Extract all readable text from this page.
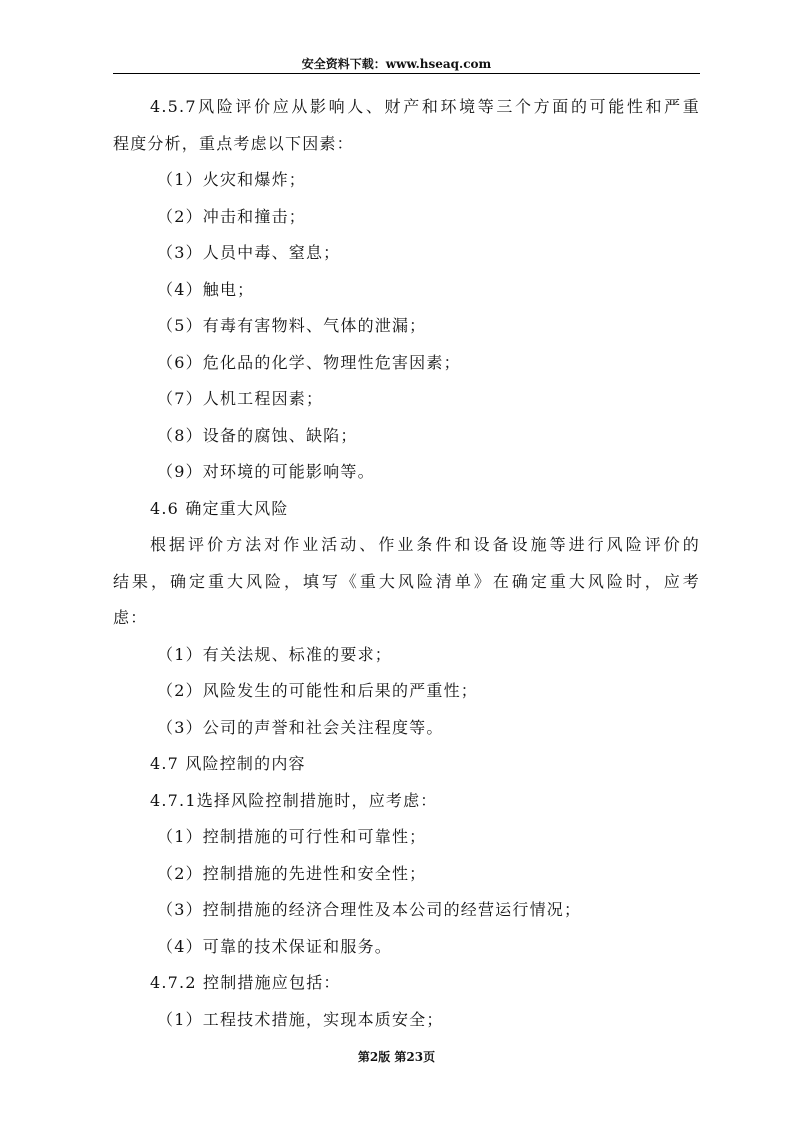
安全资料下载：www.hseaq.com
4.5.7风险评价应从影响人、财产和环境等三个方面的可能性和严重
程度分析，重点考虑以下因素：
（1）火灾和爆炸；
（2）冲击和撞击；
（3）人员中毒、窒息；
（4）触电；
（5）有毒有害物料、气体的泄漏；
（6）危化品的化学、物理性危害因素；
（7）人机工程因素；
（8）设备的腐蚀、缺陷；
（9）对环境的可能影响等。
4.6 确定重大风险
根据评价方法对作业活动、作业条件和设备设施等进行风险评价的
结果，确定重大风险，填写《重大风险清单》在确定重大风险时，应考
虑：
（1）有关法规、标准的要求；
（2）风险发生的可能性和后果的严重性；
（3）公司的声誉和社会关注程度等。
4.7 风险控制的内容
4.7.1选择风险控制措施时，应考虑：
（1）控制措施的可行性和可靠性；
（2）控制措施的先进性和安全性；
（3）控制措施的经济合理性及本公司的经营运行情况；
（4）可靠的技术保证和服务。
4.7.2 控制措施应包括：
（1）工程技术措施，实现本质安全；
第2版 第23页
